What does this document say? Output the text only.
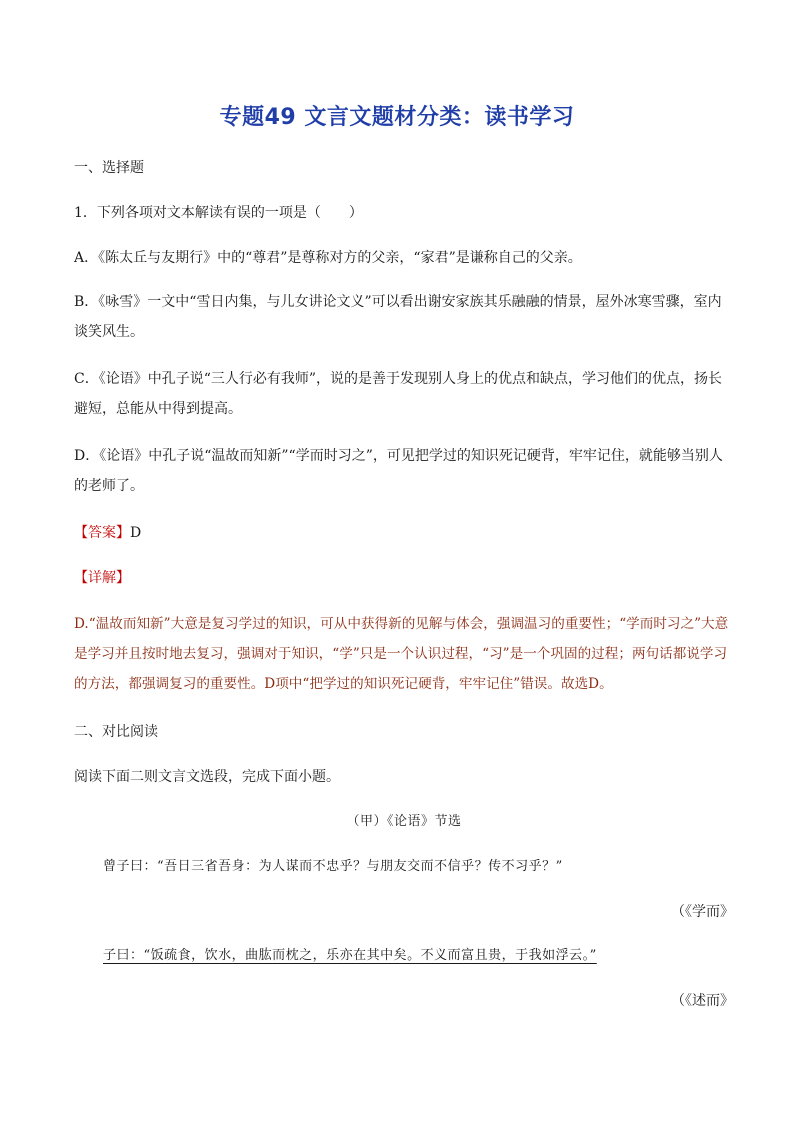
专题49 文言文题材分类：读书学习
一、选择题
1．下列各项对文本解读有误的一项是（　　）
A．《陈太丘与友期行》中的“尊君”是尊称对方的父亲，“家君”是谦称自己的父亲。
B．《咏雪》一文中“雪日内集，与儿女讲论文义”可以看出谢安家族其乐融融的情景，屋外冰寒雪骤，室内谈笑风生。
C．《论语》中孔子说“三人行必有我师”，说的是善于发现别人身上的优点和缺点，学习他们的优点，扬长避短，总能从中得到提高。
D．《论语》中孔子说“温故而知新”“学而时习之”，可见把学过的知识死记硬背，牢牢记住，就能够当别人的老师了。
【答案】D
【详解】
D.“温故而知新”大意是复习学过的知识，可从中获得新的见解与体会，强调温习的重要性；“学而时习之”大意是学习并且按时地去复习，强调对于知识，“学”只是一个认识过程，“习”是一个巩固的过程；两句话都说学习的方法，都强调复习的重要性。D项中“把学过的知识死记硬背，牢牢记住”错误。故选D。
二、对比阅读
阅读下面二则文言文选段，完成下面小题。
（甲）《论语》节选
曾子曰：“吾日三省吾身：为人谋而不忠乎？与朋友交而不信乎？传不习乎？”
（《学而》
子曰：“饭疏食，饮水，曲肱而枕之，乐亦在其中矣。不义而富且贵，于我如浮云。”
（《述而》
